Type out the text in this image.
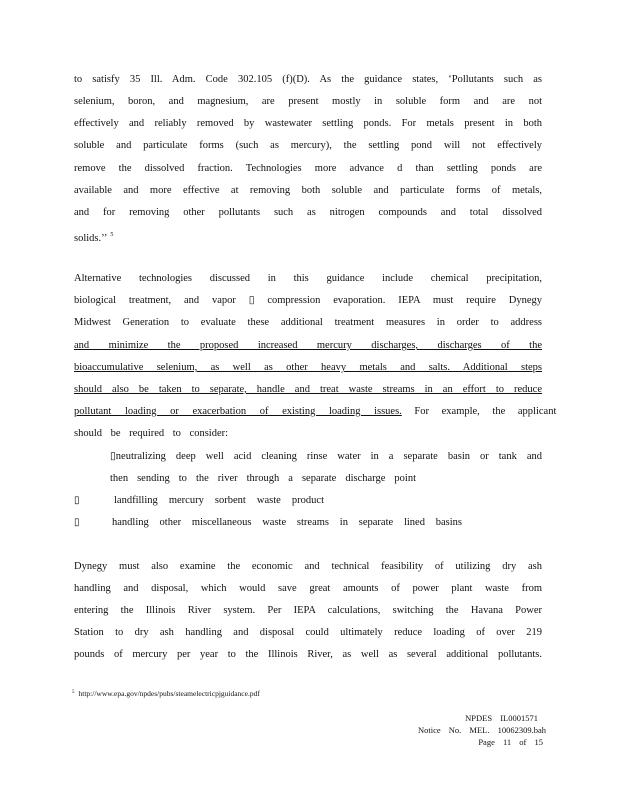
to satisfy 35 Ill. Adm. Code 302.105 (f)(D). As the guidance states, ‘Pollutants such as
selenium, boron, and magnesium, are present mostly in soluble form and are not
effectively and reliably removed by wastewater settling ponds. For metals present in both
soluble and particulate forms (such as mercury), the settling pond will not effectively
remove the dissolved fraction. Technologies more advance d than settling ponds are
available and more effective at removing both soluble and particulate forms of metals,
and for removing other pollutants such as nitrogen compounds and total dissolved
solids.’’ $^5$
Alternative technologies discussed in this guidance include chemical precipitation,
biological treatment, and vapor ▯ compression evaporation. IEPA must require Dynegy
Midwest Generation to evaluate these additional treatment measures in order to address
and minimize the proposed increased mercury discharges, discharges of the
bioaccumulative selenium, as well as other heavy metals and salts. Additional steps
should also be taken to separate, handle and treat waste streams in an effort to reduce
pollutant loading or exacerbation of existing loading issues. For example, the applicant
should be required to consider:
▯neutralizing deep well acid cleaning rinse water in a separate basin or tank and
then sending to the river through a separate discharge point
▯	landfilling mercury sorbent waste product
▯	handling other miscellaneous waste streams in separate lined basins
Dynegy must also examine the economic and technical feasibility of utilizing dry ash
handling and disposal, which would save great amounts of power plant waste from
entering the Illinois River system. Per IEPA calculations, switching the Havana Power
Station to dry ash handling and disposal could ultimately reduce loading of over 219
pounds of mercury per year to the Illinois River, as well as several additional pollutants.
$^5$ http://www.epa.gov/npdes/pubs/steamelectricpjguidance.pdf
NPDES IL0001571
Notice No. MEL. 10062309.bah
Page 11 of 15
